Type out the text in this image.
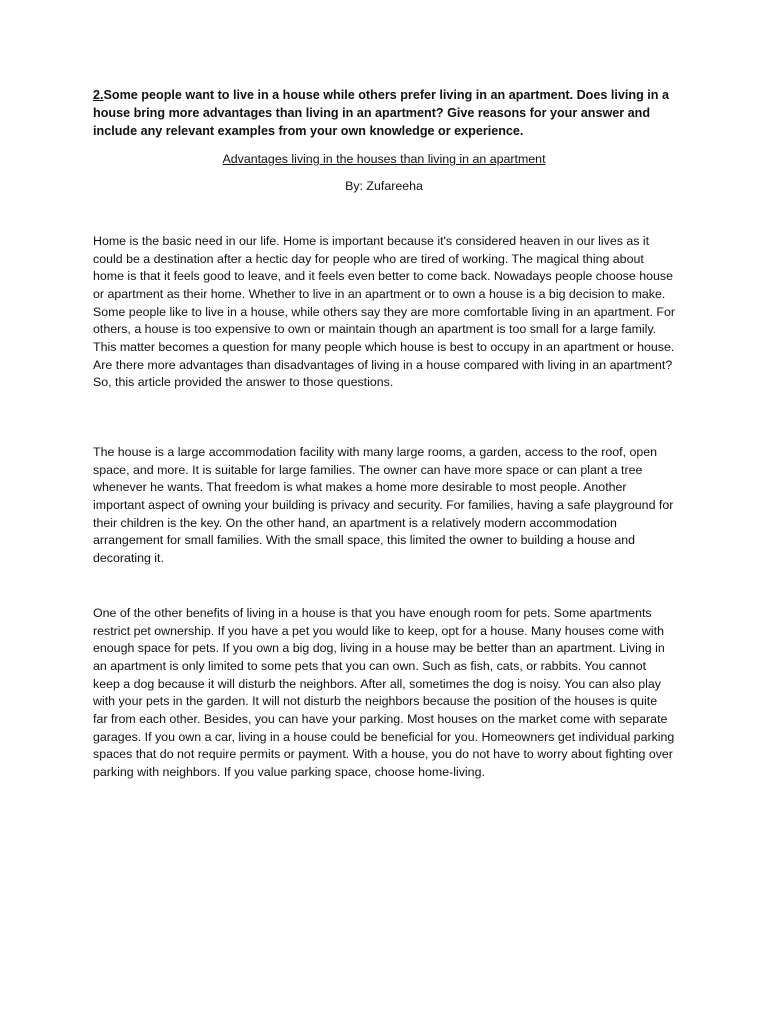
2.Some people want to live in a house while others prefer living in an apartment. Does living in a house bring more advantages than living in an apartment? Give reasons for your answer and include any relevant examples from your own knowledge or experience.
Advantages living in the houses than living in an apartment
By: Zufareeha

Home is the basic need in our life. Home is important because it's considered heaven in our lives as it could be a destination after a hectic day for people who are tired of working. The magical thing about home is that it feels good to leave, and it feels even better to come back. Nowadays people choose house or apartment as their home. Whether to live in an apartment or to own a house is a big decision to make. Some people like to live in a house, while others say they are more comfortable living in an apartment. For others, a house is too expensive to own or maintain though an apartment is too small for a large family. This matter becomes a question for many people which house is best to occupy in an apartment or house. Are there more advantages than disadvantages of living in a house compared with living in an apartment? So, this article provided the answer to those questions.

The house is a large accommodation facility with many large rooms, a garden, access to the roof, open space, and more. It is suitable for large families. The owner can have more space or can plant a tree whenever he wants. That freedom is what makes a home more desirable to most people. Another important aspect of owning your building is privacy and security. For families, having a safe playground for their children is the key. On the other hand, an apartment is a relatively modern accommodation arrangement for small families. With the small space, this limited the owner to building a house and decorating it.

One of the other benefits of living in a house is that you have enough room for pets. Some apartments restrict pet ownership. If you have a pet you would like to keep, opt for a house. Many houses come with enough space for pets. If you own a big dog, living in a house may be better than an apartment. Living in an apartment is only limited to some pets that you can own. Such as fish, cats, or rabbits. You cannot keep a dog because it will disturb the neighbors. After all, sometimes the dog is noisy. You can also play with your pets in the garden. It will not disturb the neighbors because the position of the houses is quite far from each other. Besides, you can have your parking. Most houses on the market come with separate garages. If you own a car, living in a house could be beneficial for you. Homeowners get individual parking spaces that do not require permits or payment. With a house, you do not have to worry about fighting over parking with neighbors. If you value parking space, choose home-living.
